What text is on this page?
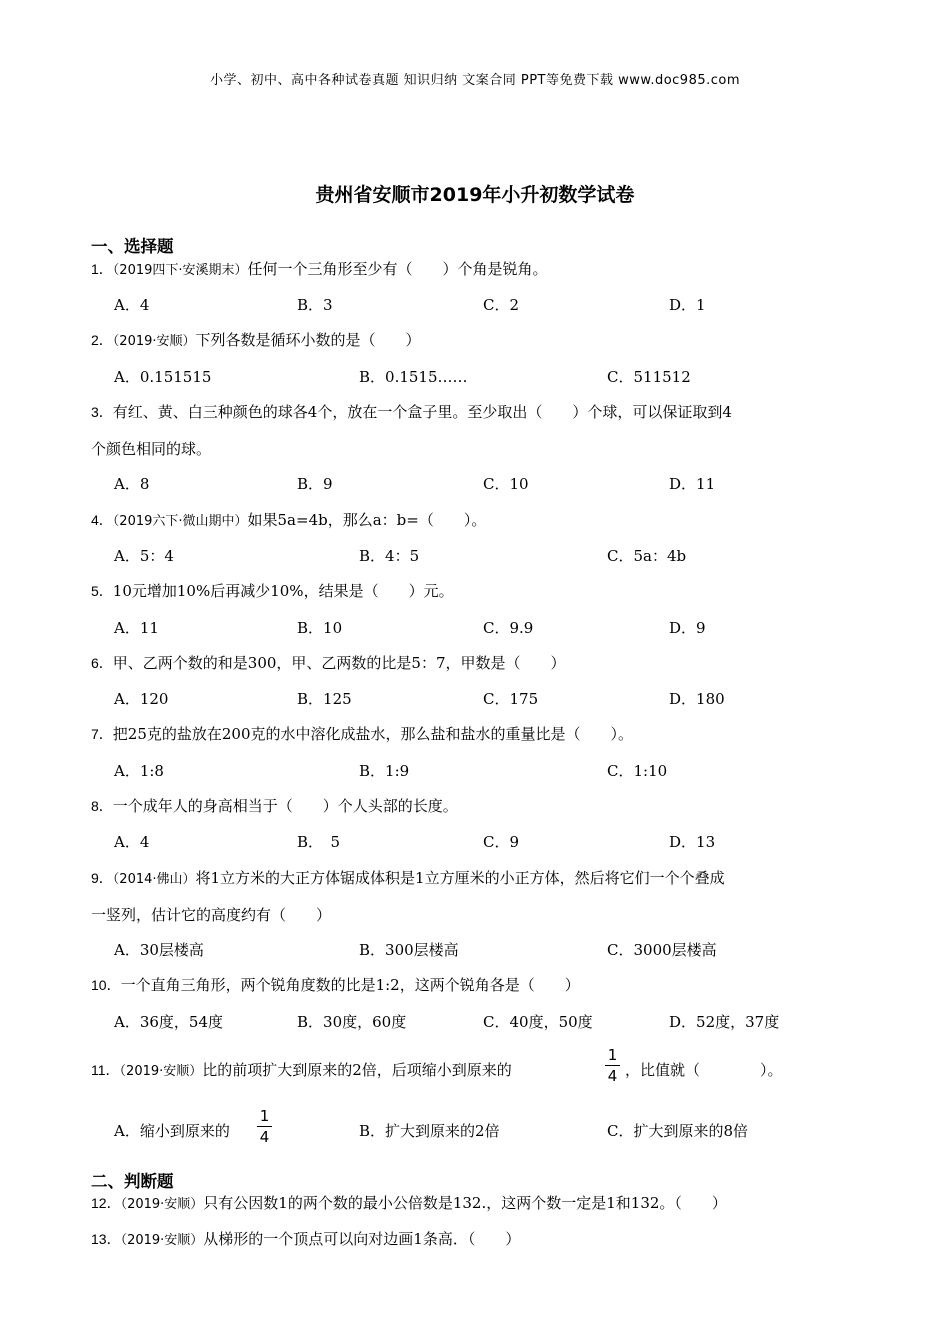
小学、初中、高中各种试卷真题 知识归纳 文案合同 PPT等免费下载 www.doc985.com
贵州省安顺市2019年小升初数学试卷
一、选择题
1．（2019四下·安溪期末）任何一个三角形至少有（　　）个角是锐角。
A．4	B．3	C．2	D．1
2．（2019·安顺）下列各数是循环小数的是（　　）
A．0.151515	B．0.1515……	C．511512
3．有红、黄、白三种颜色的球各4个，放在一个盒子里。至少取出（　　）个球，可以保证取到4
个颜色相同的球。
A．8	B．9	C．10	D．11
4．（2019六下·微山期中）如果5a=4b，那么a：b=（　　）。
A．5：4	B．4：5	C．5a：4b
5．10元增加10%后再减少10%，结果是（　　）元。
A．11	B．10	C．9.9	D．9
6．甲、乙两个数的和是300，甲、乙两数的比是5：7，甲数是（　　）
A．120	B．125	C．175	D．180
7．把25克的盐放在200克的水中溶化成盐水，那么盐和盐水的重量比是（　　）。
A．1:8	B．1:9	C．1:10
8．一个成年人的身高相当于（　　）个人头部的长度。
A．4	B．　5	C．9	D．13
9．（2014·佛山）将1立方米的大正方体锯成体积是1立方厘米的小正方体，然后将它们一个个叠成
一竖列，估计它的高度约有（　　）
A．30层楼高	B．300层楼高	C．3000层楼高
10．一个直角三角形，两个锐角度数的比是1:2，这两个锐角各是（　　）
A．36度，54度	B．30度，60度	C．40度，50度	D．52度，37度
11．（2019·安顺）比的前项扩大到原来的2倍，后项缩小到原来的
1
4 ，比值就（　　　　）。
A．缩小到原来的
1
4	B．扩大到原来的2倍	C．扩大到原来的8倍
二、判断题
12．（2019·安顺）只有公因数1的两个数的最小公倍数是132.，这两个数一定是1和132。（　　）
13．（2019·安顺）从梯形的一个顶点可以向对边画1条高．（　　）
